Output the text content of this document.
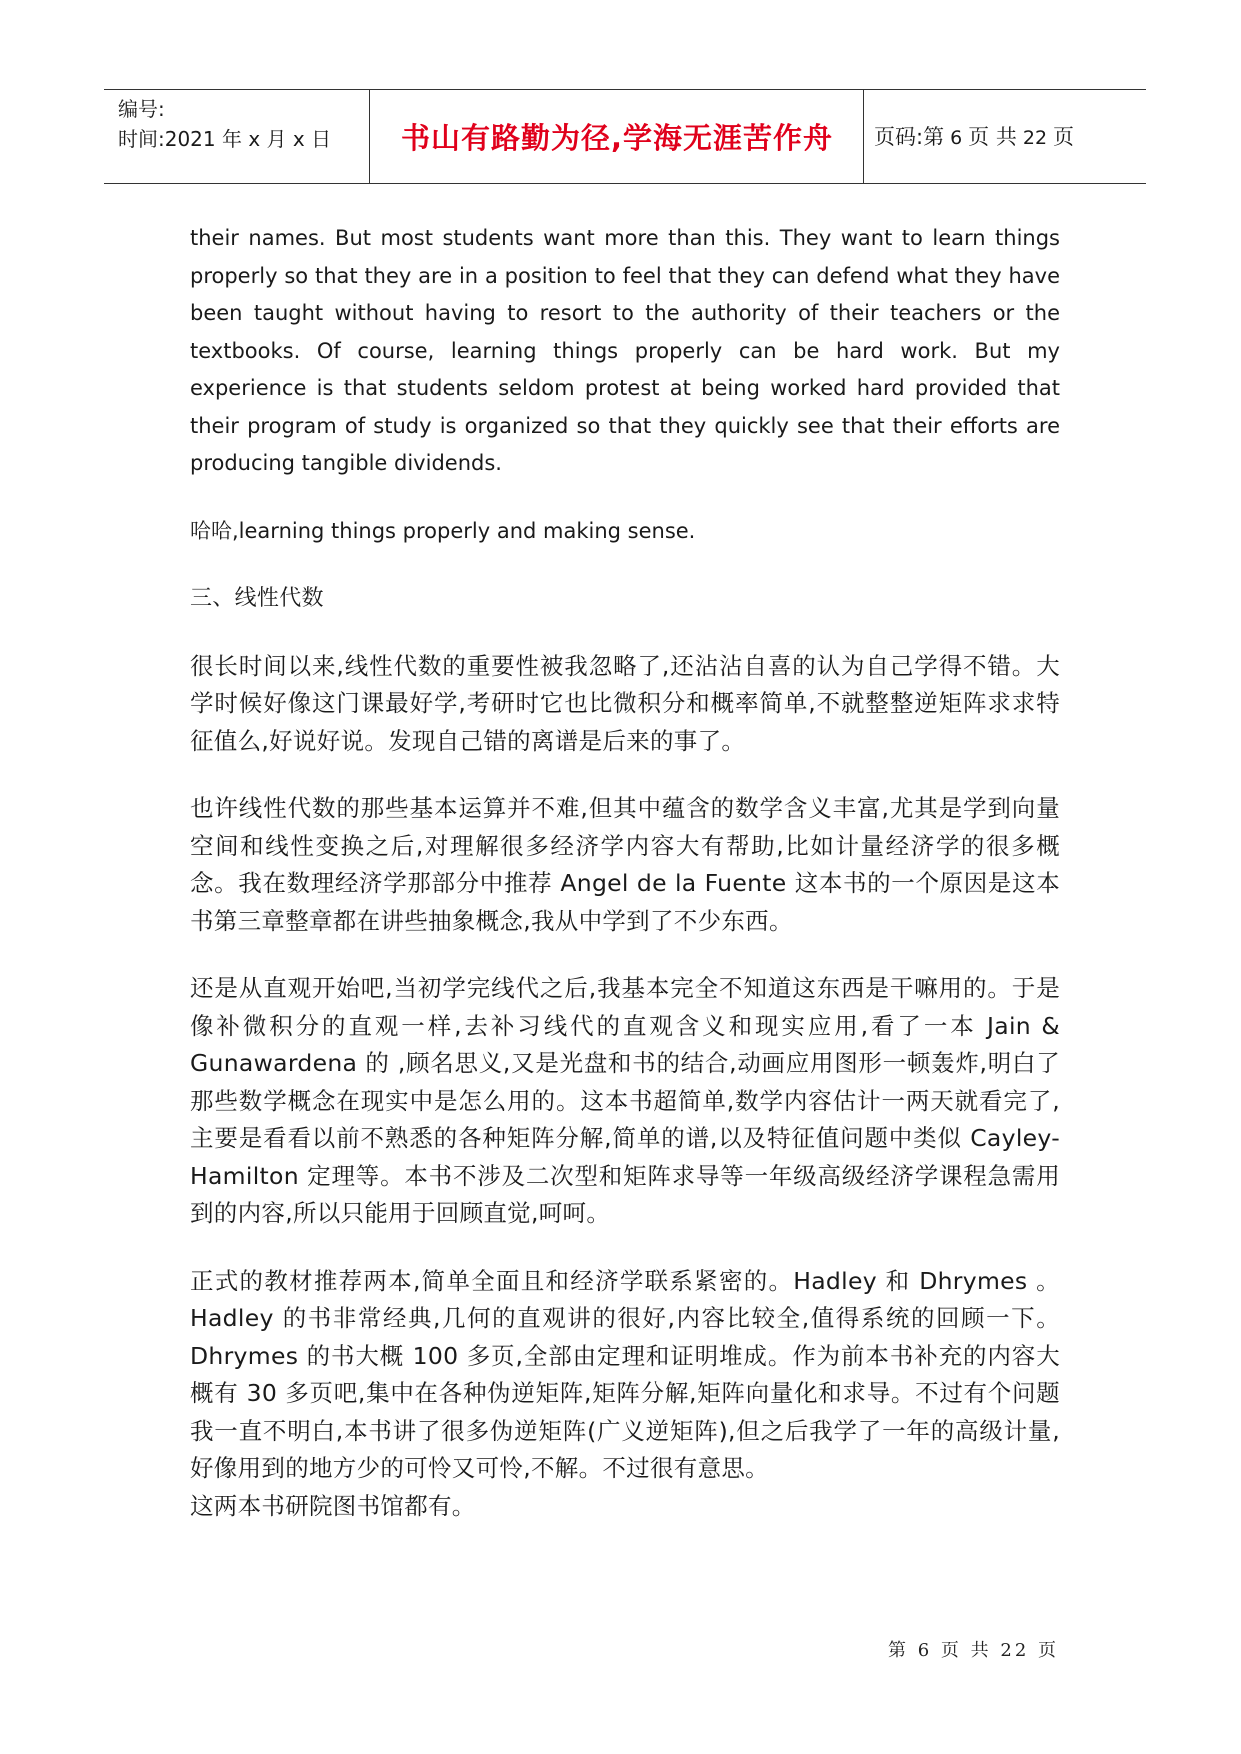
编号:
时间:2021 年 x 月 x 日	书山有路勤为径,学海无涯苦作舟	页码:第 6 页 共 22 页

their names. But most students want more than this. They want to learn things properly so that they are in a position to feel that they can defend what they have been taught without having to resort to the authority of their teachers or the textbooks. Of course, learning things properly can be hard work. But my experience is that students seldom protest at being worked hard provided that their program of study is organized so that they quickly see that their efforts are producing tangible dividends.

哈哈,learning things properly and making sense.

三、线性代数

很长时间以来,线性代数的重要性被我忽略了,还沾沾自喜的认为自己学得不错。大学时候好像这门课最好学,考研时它也比微积分和概率简单,不就整整逆矩阵求求特征值么,好说好说。发现自己错的离谱是后来的事了。

也许线性代数的那些基本运算并不难,但其中蕴含的数学含义丰富,尤其是学到向量空间和线性变换之后,对理解很多经济学内容大有帮助,比如计量经济学的很多概念。我在数理经济学那部分中推荐 Angel de la Fuente 这本书的一个原因是这本书第三章整章都在讲些抽象概念,我从中学到了不少东西。

还是从直观开始吧,当初学完线代之后,我基本完全不知道这东西是干嘛用的。于是像补微积分的直观一样,去补习线代的直观含义和现实应用,看了一本 Jain & Gunawardena 的 ,顾名思义,又是光盘和书的结合,动画应用图形一顿轰炸,明白了那些数学概念在现实中是怎么用的。这本书超简单,数学内容估计一两天就看完了,主要是看看以前不熟悉的各种矩阵分解,简单的谱,以及特征值问题中类似 Cayley-Hamilton 定理等。本书不涉及二次型和矩阵求导等一年级高级经济学课程急需用到的内容,所以只能用于回顾直觉,呵呵。

正式的教材推荐两本,简单全面且和经济学联系紧密的。Hadley 和 Dhrymes 。Hadley 的书非常经典,几何的直观讲的很好,内容比较全,值得系统的回顾一下。Dhrymes 的书大概 100 多页,全部由定理和证明堆成。作为前本书补充的内容大概有 30 多页吧,集中在各种伪逆矩阵,矩阵分解,矩阵向量化和求导。不过有个问题我一直不明白,本书讲了很多伪逆矩阵(广义逆矩阵),但之后我学了一年的高级计量,好像用到的地方少的可怜又可怜,不解。不过很有意思。

这两本书研院图书馆都有。

第 6 页 共 22 页
